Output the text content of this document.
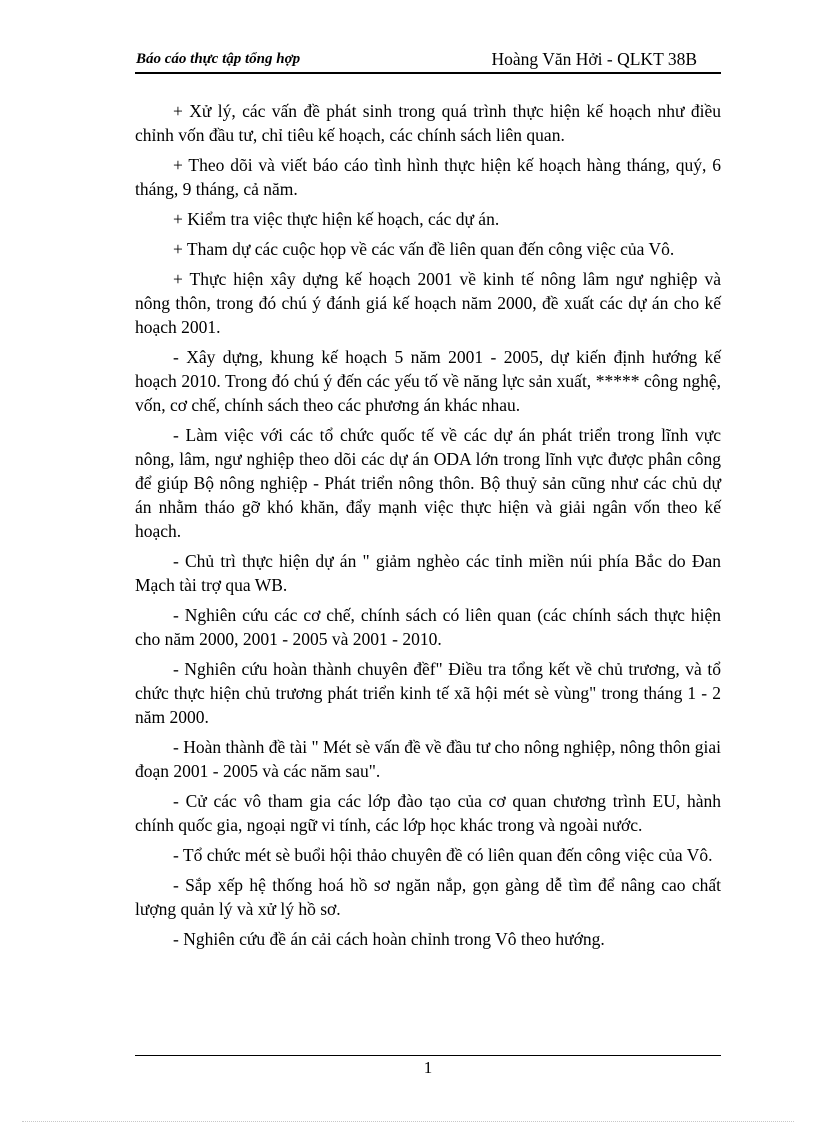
Báo cáo thực tập tổng hợp	Hoàng Văn Hởi - QLKT 38B

+ Xử lý, các vấn đề phát sinh trong quá trình thực hiện kế hoạch như điều chỉnh vốn đầu tư, chỉ tiêu kế hoạch, các chính sách liên quan.

+ Theo dõi và viết báo cáo tình hình thực hiện kế hoạch hàng tháng, quý, 6 tháng, 9 tháng, cả năm.

+ Kiểm tra việc thực hiện kế hoạch, các dự án.

+ Tham dự các cuộc họp về các vấn đề liên quan đến công việc của Vô.

+ Thực hiện xây dựng kế hoạch 2001 về kinh tế nông lâm ngư nghiệp và nông thôn, trong đó chú ý đánh giá kế hoạch năm 2000, đề xuất các dự án cho kế hoạch 2001.

- Xây dựng, khung kế hoạch 5 năm 2001 - 2005, dự kiến định hướng kế hoạch 2010. Trong đó chú ý đến các yếu tố về năng lực sản xuất, ***** công nghệ, vốn, cơ chế, chính sách theo các phương án khác nhau.

- Làm việc với các tổ chức quốc tế về các dự án phát triển trong lĩnh vực nông, lâm, ngư nghiệp theo dõi các dự án ODA lớn trong lĩnh vực được phân công để giúp Bộ nông nghiệp - Phát triển nông thôn. Bộ thuỷ sản cũng như các chủ dự án nhằm tháo gỡ khó khăn, đẩy mạnh việc thực hiện và giải ngân vốn theo kế hoạch.

- Chủ trì thực hiện dự án " giảm nghèo các tỉnh miền núi phía Bắc do Đan Mạch tài trợ qua WB.

- Nghiên cứu các cơ chế, chính sách có liên quan (các chính sách thực hiện cho năm 2000, 2001 - 2005 và 2001 - 2010.

- Nghiên cứu hoàn thành chuyên đềf" Điều tra tổng kết về chủ trương, và tổ chức thực hiện chủ trương phát triển kinh tế xã hội mét sè vùng" trong tháng 1 - 2 năm 2000.

- Hoàn thành đề tài " Mét sè vấn đề về đầu tư cho nông nghiệp, nông thôn giai đoạn 2001 - 2005 và các năm sau".

- Cử các vô tham gia các lớp đào tạo của cơ quan chương trình EU, hành chính quốc gia, ngoại ngữ vi tính, các lớp học khác trong và ngoài nước.

- Tổ chức mét sè buổi hội thảo chuyên đề có liên quan đến công việc của Vô.

- Sắp xếp hệ thống hoá hồ sơ ngăn nắp, gọn gàng dễ tìm để nâng cao chất lượng quản lý và xử lý hồ sơ.

- Nghiên cứu đề án cải cách hoàn chỉnh trong Vô theo hướng.

1
